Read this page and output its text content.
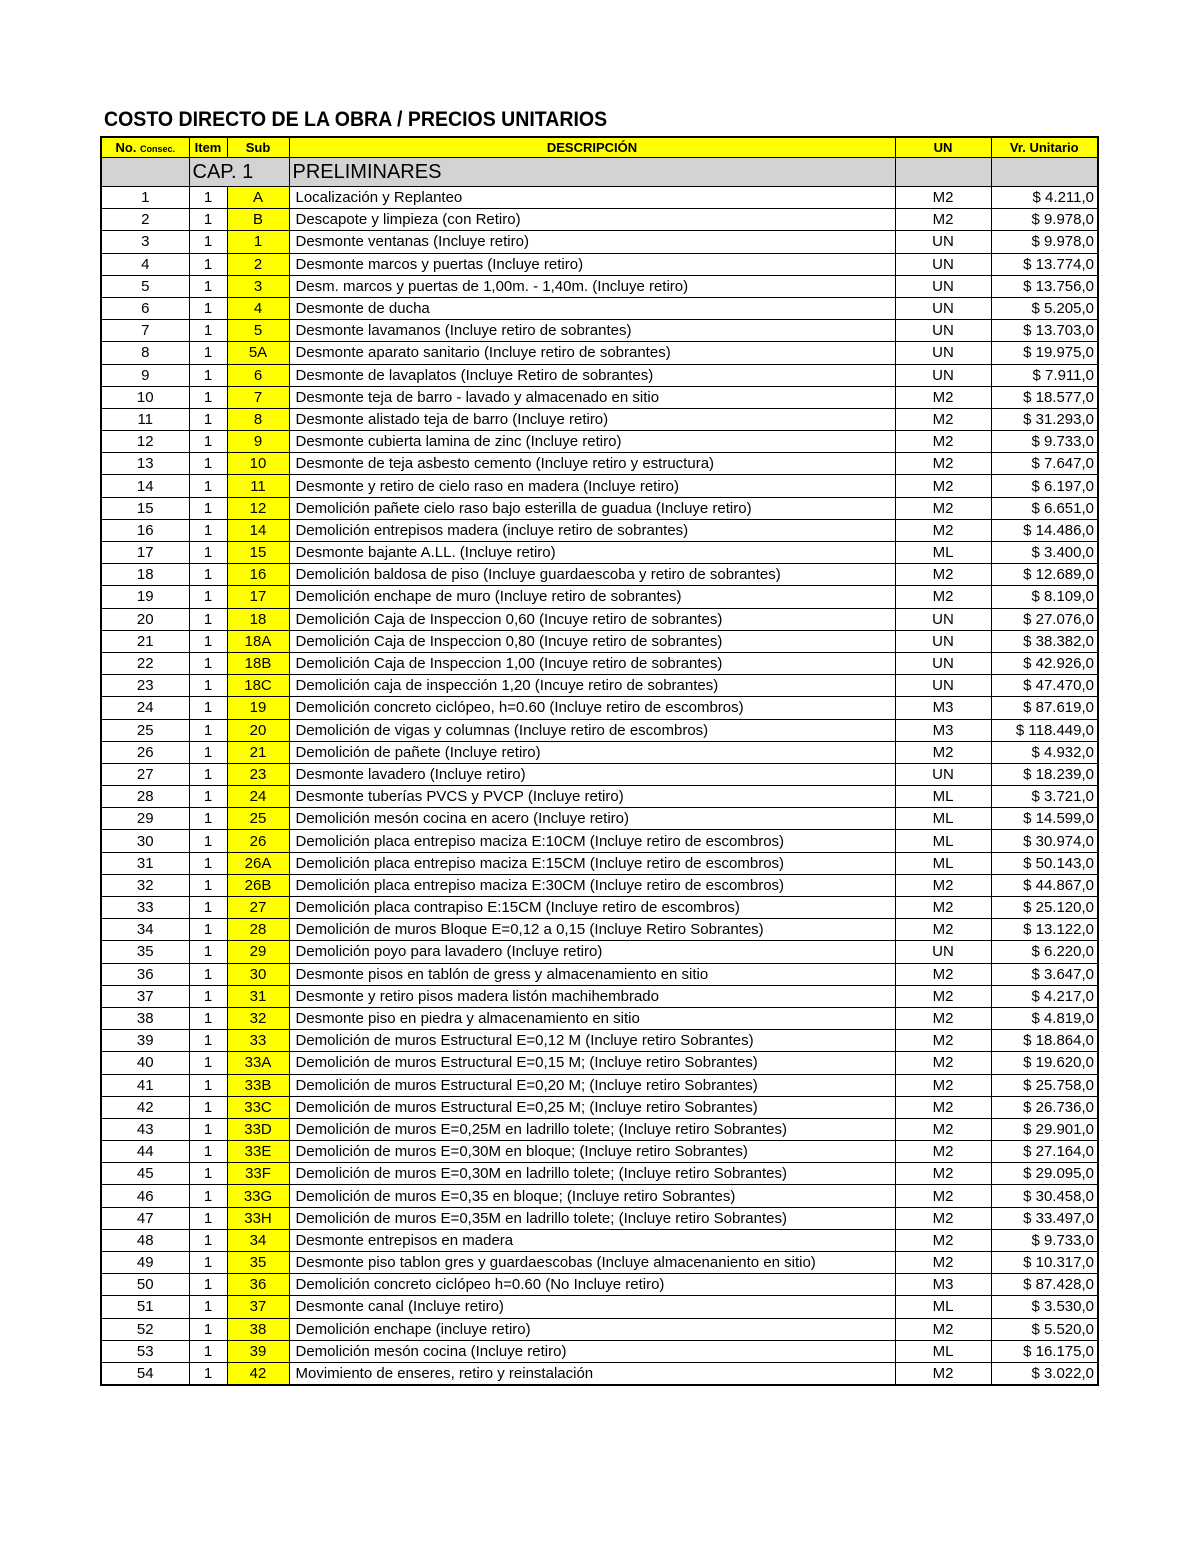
COSTO DIRECTO DE LA OBRA / PRECIOS UNITARIOS
No. Consec.	Item	Sub	DESCRIPCIÓN	UN	Vr. Unitario
	CAP. 1		PRELIMINARES		
1	1	A	Localización y Replanteo	M2	$ 4.211,0
2	1	B	Descapote y limpieza (con Retiro)	M2	$ 9.978,0
3	1	1	Desmonte ventanas (Incluye retiro)	UN	$ 9.978,0
4	1	2	Desmonte marcos y puertas (Incluye retiro)	UN	$ 13.774,0
5	1	3	Desm. marcos y puertas de 1,00m. - 1,40m. (Incluye retiro)	UN	$ 13.756,0
6	1	4	Desmonte de ducha	UN	$ 5.205,0
7	1	5	Desmonte lavamanos (Incluye retiro de sobrantes)	UN	$ 13.703,0
8	1	5A	Desmonte aparato sanitario (Incluye retiro de sobrantes)	UN	$ 19.975,0
9	1	6	Desmonte de lavaplatos (Incluye Retiro de sobrantes)	UN	$ 7.911,0
10	1	7	Desmonte teja de barro - lavado y almacenado en sitio	M2	$ 18.577,0
11	1	8	Desmonte alistado teja de barro (Incluye retiro)	M2	$ 31.293,0
12	1	9	Desmonte cubierta lamina de zinc (Incluye retiro)	M2	$ 9.733,0
13	1	10	Desmonte de teja asbesto cemento (Incluye retiro y estructura)	M2	$ 7.647,0
14	1	11	Desmonte y retiro de cielo raso en madera (Incluye retiro)	M2	$ 6.197,0
15	1	12	Demolición pañete cielo raso bajo esterilla de guadua (Incluye retiro)	M2	$ 6.651,0
16	1	14	Demolición entrepisos madera (incluye retiro de sobrantes)	M2	$ 14.486,0
17	1	15	Desmonte bajante A.LL. (Incluye retiro)	ML	$ 3.400,0
18	1	16	Demolición baldosa de piso (Incluye guardaescoba y retiro de sobrantes)	M2	$ 12.689,0
19	1	17	Demolición enchape de muro (Incluye retiro de sobrantes)	M2	$ 8.109,0
20	1	18	Demolición Caja de Inspeccion 0,60 (Incuye retiro de sobrantes)	UN	$ 27.076,0
21	1	18A	Demolición Caja de Inspeccion 0,80 (Incuye retiro de sobrantes)	UN	$ 38.382,0
22	1	18B	Demolición Caja de Inspeccion 1,00 (Incuye retiro de sobrantes)	UN	$ 42.926,0
23	1	18C	Demolición caja de inspección 1,20 (Incuye retiro de sobrantes)	UN	$ 47.470,0
24	1	19	Demolición concreto ciclópeo, h=0.60 (Incluye retiro de escombros)	M3	$ 87.619,0
25	1	20	Demolición de vigas y columnas (Incluye retiro de escombros)	M3	$ 118.449,0
26	1	21	Demolición de pañete (Incluye retiro)	M2	$ 4.932,0
27	1	23	Desmonte lavadero (Incluye retiro)	UN	$ 18.239,0
28	1	24	Desmonte tuberías PVCS y PVCP (Incluye retiro)	ML	$ 3.721,0
29	1	25	Demolición mesón cocina en acero (Incluye retiro)	ML	$ 14.599,0
30	1	26	Demolición placa entrepiso maciza E:10CM (Incluye retiro de escombros)	ML	$ 30.974,0
31	1	26A	Demolición placa entrepiso maciza E:15CM (Incluye retiro de escombros)	ML	$ 50.143,0
32	1	26B	Demolición placa entrepiso maciza E:30CM (Incluye retiro de escombros)	M2	$ 44.867,0
33	1	27	Demolición placa contrapiso E:15CM (Incluye retiro de escombros)	M2	$ 25.120,0
34	1	28	Demolición de muros Bloque E=0,12 a 0,15 (Incluye Retiro Sobrantes)	M2	$ 13.122,0
35	1	29	Demolición poyo para lavadero (Incluye retiro)	UN	$ 6.220,0
36	1	30	Desmonte pisos en tablón de gress y almacenamiento en sitio	M2	$ 3.647,0
37	1	31	Desmonte y retiro pisos madera listón machihembrado	M2	$ 4.217,0
38	1	32	Desmonte piso en piedra y almacenamiento en sitio	M2	$ 4.819,0
39	1	33	Demolición de muros Estructural E=0,12 M (Incluye retiro Sobrantes)	M2	$ 18.864,0
40	1	33A	Demolición de muros Estructural E=0,15 M; (Incluye retiro Sobrantes)	M2	$ 19.620,0
41	1	33B	Demolición de muros Estructural E=0,20 M; (Incluye retiro Sobrantes)	M2	$ 25.758,0
42	1	33C	Demolición de muros Estructural E=0,25 M; (Incluye retiro Sobrantes)	M2	$ 26.736,0
43	1	33D	Demolición de muros E=0,25M en ladrillo tolete; (Incluye retiro Sobrantes)	M2	$ 29.901,0
44	1	33E	Demolición de muros E=0,30M en bloque; (Incluye retiro Sobrantes)	M2	$ 27.164,0
45	1	33F	Demolición de muros E=0,30M en ladrillo tolete; (Incluye retiro Sobrantes)	M2	$ 29.095,0
46	1	33G	Demolición de muros E=0,35 en bloque; (Incluye retiro Sobrantes)	M2	$ 30.458,0
47	1	33H	Demolición de muros E=0,35M en ladrillo tolete; (Incluye retiro Sobrantes)	M2	$ 33.497,0
48	1	34	Desmonte entrepisos en madera	M2	$ 9.733,0
49	1	35	Desmonte piso tablon gres y guardaescobas (Incluye almacenaniento en sitio)	M2	$ 10.317,0
50	1	36	Demolición concreto ciclópeo h=0.60 (No Incluye retiro)	M3	$ 87.428,0
51	1	37	Desmonte canal (Incluye retiro)	ML	$ 3.530,0
52	1	38	Demolición enchape (incluye retiro)	M2	$ 5.520,0
53	1	39	Demolición mesón cocina (Incluye retiro)	ML	$ 16.175,0
54	1	42	Movimiento de enseres, retiro y reinstalación	M2	$ 3.022,0
